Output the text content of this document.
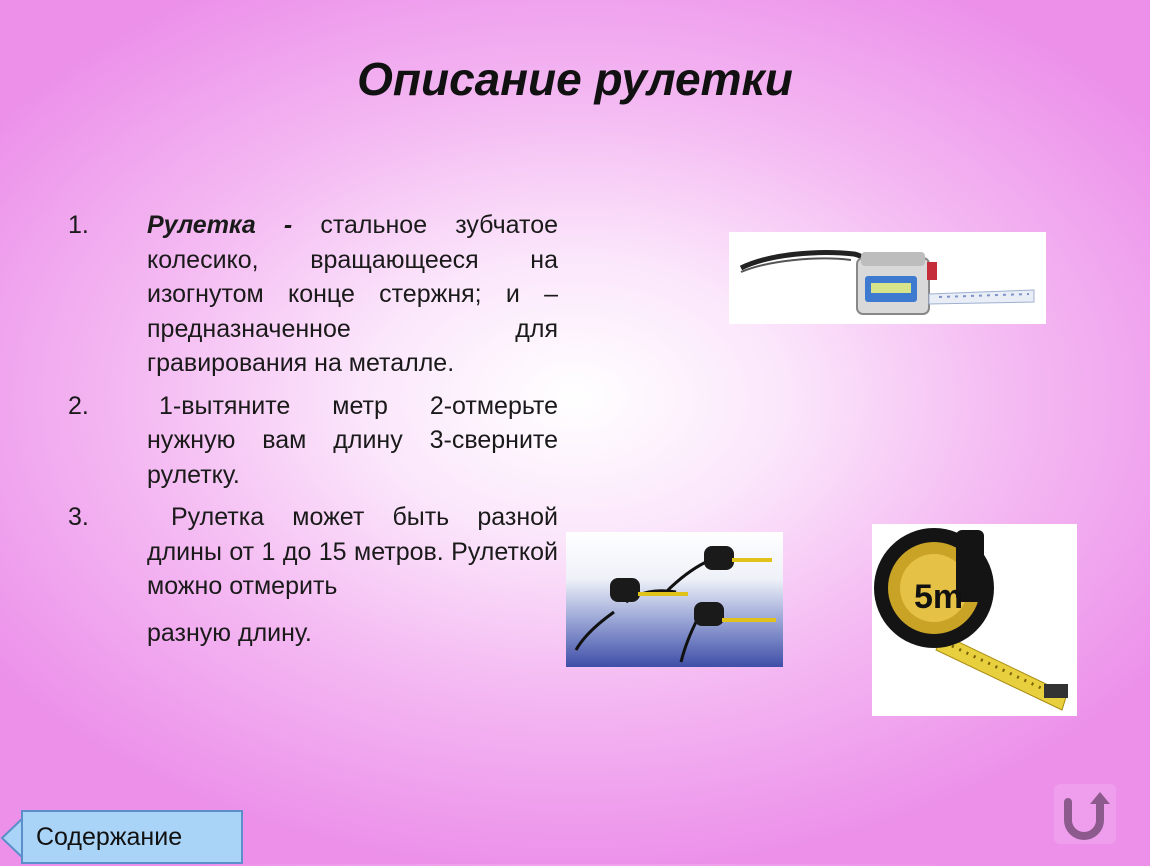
Описание рулетки
1. Рулетка - стальное зубчатое колесико, вращающееся на изогнутом конце стержня; и – предназначенное для гравирования на металле.
2.	1-вытяните метр 2-отмерьте нужную вам длину 3-сверните рулетку.
3.	Рулетка может быть разной длины от 1 до 15 метров. Рулеткой можно отмерить
разную длину.
5m
Содержание
